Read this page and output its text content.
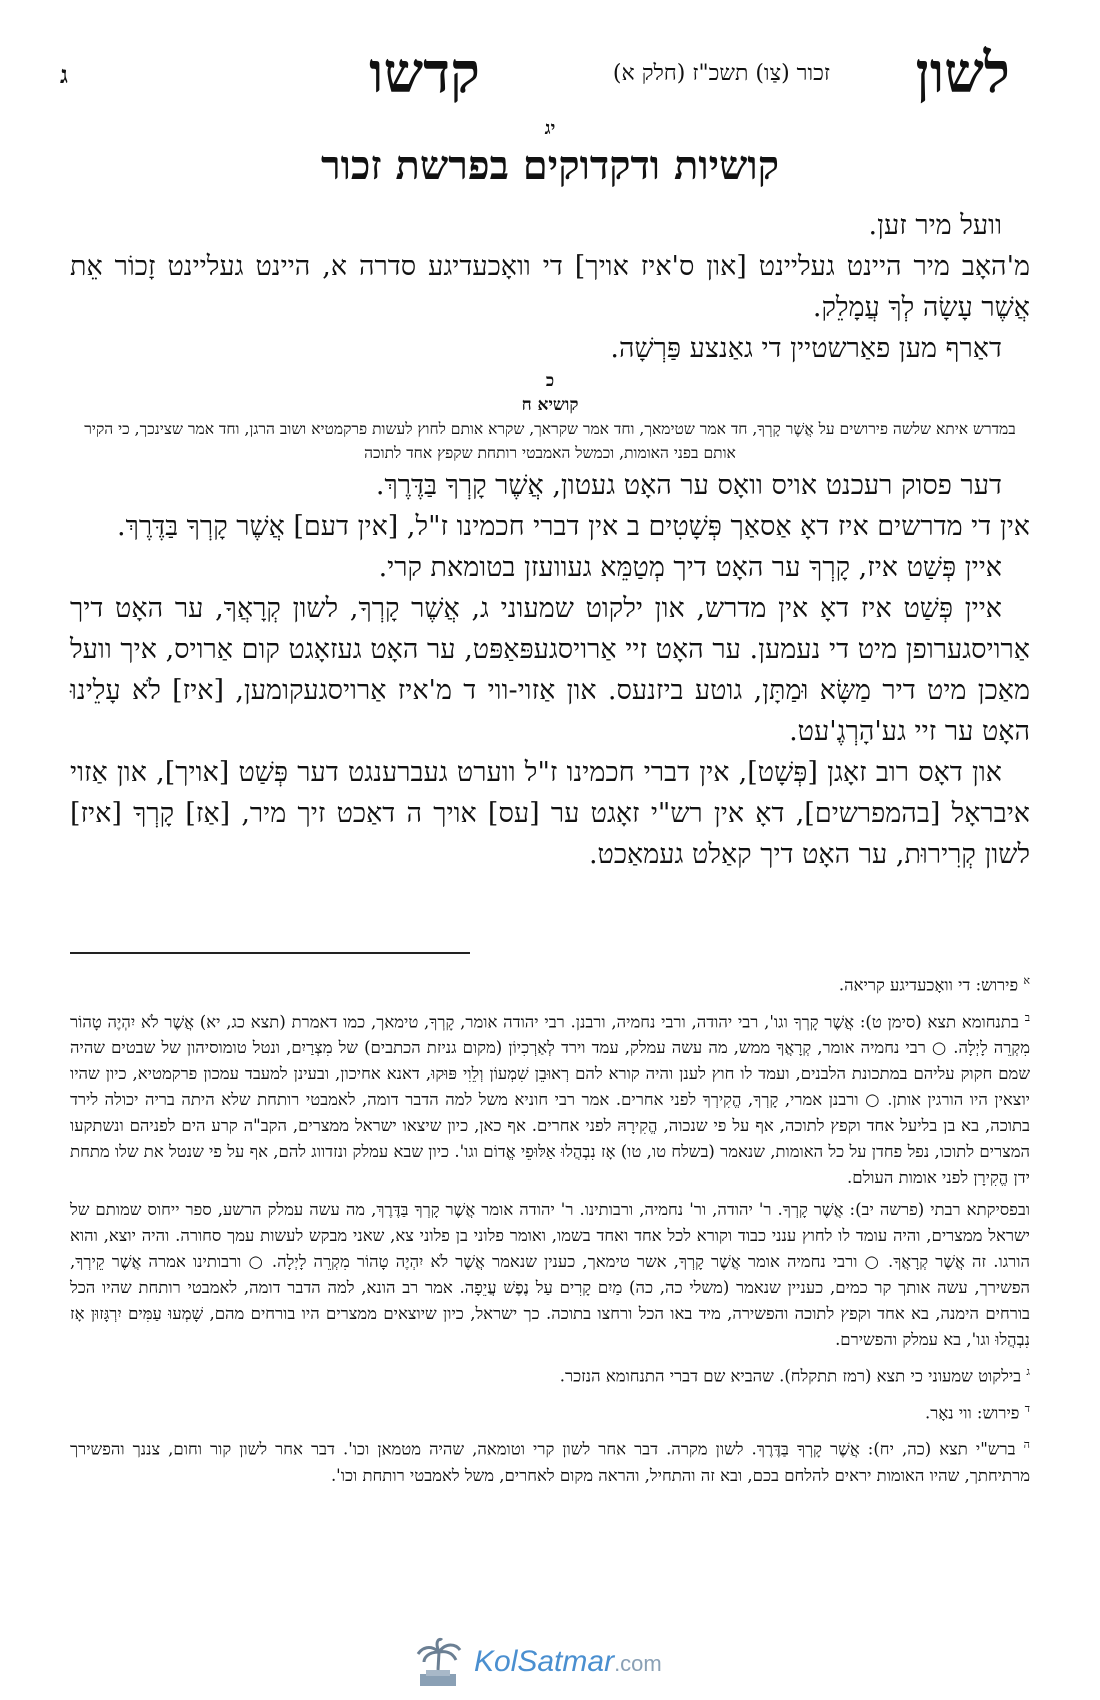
לשון
זכור (צַו) תשכ"ז (חלק א)
קדשו
ג
יג
קושיות ודקדוקים בפרשת זכור

וועל מיר זען.

מ'האָב מיר היינט געליינט [און ס'איז אויך] די וואָכעדיגע סדרה א, היינט געליינט זָכוֹר אֵת אֲשֶׁר עָשָׂה לְךָ עֲמָלֵק.

דאַרף מען פאַרשטיין די גאַנצע פַּרְשָׁה.

כ

קושיא ח

במדרש איתא שלשה פירושים על אֲשֶׁר קָרְךָ, חד אמר שטימאך, וחד אמר שקראך, שקרא אותם לחוץ לעשות פרקמטיא ושוב הרגן, וחד אמר שצינכך, כי הקיר אותם בפני האומות, וכמשל האמבטי רותחת שקפץ אחד לתוכה

דער פסוק רעכנט אויס וואָס ער האָט געטון, אֲשֶׁר קָרְךָ בַּדֶּרֶךְ.

אין די מדרשים איז דאָ אַסאַך פְּשָׁטִים ב אין דברי חכמינו ז"ל, [אין דעם] אֲשֶׁר קָרְךָ בַּדֶּרֶךְ.

איין פְּשַׁט איז, קָרְךָ ער האָט דיך מְטַמֵּא געוועזן בטומאת קרי.

איין פְּשַׁט איז דאָ אין מדרש, און ילקוט שמעוני ג, אֲשֶׁר קָרְךָ, לשון קְרָאֲךָ, ער האָט דיך אַרויסגערופן מיט די נעמען. ער האָט זיי אַרויסגעפּאַפּט, ער האָט געזאָגט קום אַרויס, איך וועל מאַכן מיט דיר מַשָּׂא וּמַתָּן, גוטע ביזנעס. און אַזוי-ווי ד מ'איז אַרויסגעקומען, [איז] לֹא עָלֵינוּ האָט ער זיי גע'הָרְגֶ'עט.

און דאָס רוב זאָגן [פְּשָׁט], אין דברי חכמינו ז"ל ווערט געברענגט דער פְּשַׁט [אויך], און אַזוי איבראָל [בהמפרשים], דאָ אין רש"י זאָגט ער [עס] אויך ה דאַכט זיך מיר, [אַז] קָרְךָ [איז] לשון קְרִירוּת, ער האָט דיך קאַלט געמאַכט.

$^א$ פירוש: די וואָכעדיגע קריאה.

$^ב$ בתנחומא תצא (סימן ט): אֲשֶׁר קָרְךָ וגו', רבי יהודה, ורבי נחמיה, ורבנן. רבי יהודה אומר, קָרְךָ, טימאך, כמו דאמרת (תצא כג, יא) אֲשֶׁר לֹא יִהְיֶה טָהוֹר מִקְרֵה לָיְלָה. ○ רבי נחמיה אומר, קְרָאֲךָ ממש, מה עשה עמלק, עמד וירד לְאַרְכִיוֹן (מקום גניזת הכתבים) של מִצְרַיִם, ונטל טומוסיהון של שבטים שהיה שמם חקוק עליהם במתכונת הלבנים, ועמד לו חוץ לענן והיה קורא להם רְאוּבֵן שִׁמְעוֹן וְלֵוִי פּוּקוּ, דאנא אחיכון, ובעינן למעבד עמכון פרקמטיא, כיון שהיו יוצאין היו הורגין אותן. ○ ורבנן אמרי, קָרְךָ, הֱקִירְךָ לפני אחרים. אמר רבי חוניא משל למה הדבר דומה, לאמבטי רותחת שלא היתה בריה יכולה לירד בתוכה, בא בן בליעל אחד וקפץ לתוכה, אף על פי שנכוה, הֱקִירָהּ לפני אחרים. אף כאן, כיון שיצאו ישראל ממצרים, הקב"ה קרע הים לפניהם ונשתקעו המצרים לתוכו, נפל פחדן על כל האומות, שנאמר (בשלח טו, טו) אָז נִבְהֲלוּ אַלּוּפֵי אֱדוֹם וגו'. כיון שבא עמלק ונזדווג להם, אף על פי שנטל את שלו מתחת ידן הֱקִירָן לפני אומות העולם.

ובפסיקתא רבתי (פרשה יב): אֲשֶׁר קָרְךָ. ר' יהודה, ור' נחמיה, ורבותינו. ר' יהודה אומר אֲשֶׁר קָרְךָ בַּדֶּרֶךְ, מה עשה עמלק הרשע, ספר ייחוס שמותם של ישראל ממצרים, והיה עומד לו לחוץ ענני כבוד וקורא לכל אחד ואחד בשמו, ואומר פלוני בן פלוני צא, שאני מבקש לעשות עמך סחורה. והיה יוצא, והוא הורגו. זה אֲשֶׁר קְרָאֲךָ. ○ ורבי נחמיה אומר אֲשֶׁר קָרְךָ, אשר טימאך, כענין שנאמר אֲשֶׁר לֹא יִהְיֶה טָהוֹר מִקְרֵה לָיְלָה. ○ ורבותינו אמרה אֲשֶׁר קֵירְךָ, הפשירך, עשה אותך קר כמים, כעניין שנאמר (משלי כה, כה) מַיִם קָרִים עַל נֶפֶשׁ עֲיֵפָה. אמר רב הונא, למה הדבר דומה, לאמבטי רותחת שהיו הכל בורחים הימנה, בא אחד וקפץ לתוכה והפשירה, מיד באו הכל ורחצו בתוכה. כך ישראל, כיון שיוצאים ממצרים היו בורחים מהם, שָׁמְעוּ עַמִּים יִרְגָּזוּן אָז נִבְהֲלוּ וגו', בא עמלק והפשירם.

$^ג$ בילקוט שמעוני כי תצא (רמז תתקלח). שהביא שם דברי התנחומא הנזכר.

$^ד$ פירוש: ווי נאָר.

$^ה$ ברש"י תצא (כה, יח): אֲשֶׁר קָרְךָ בַּדֶּרֶךְ. לשון מקרה. דבר אחר לשון קרי וטומאה, שהיה מטמאן וכו'. דבר אחר לשון קור וחום, צננך והפשירך מרתיחתך, שהיו האומות יראים להלחם בכם, ובא זה והתחיל, והראה מקום לאחרים, משל לאמבטי רותחת וכו'.

KolSatmar.com
